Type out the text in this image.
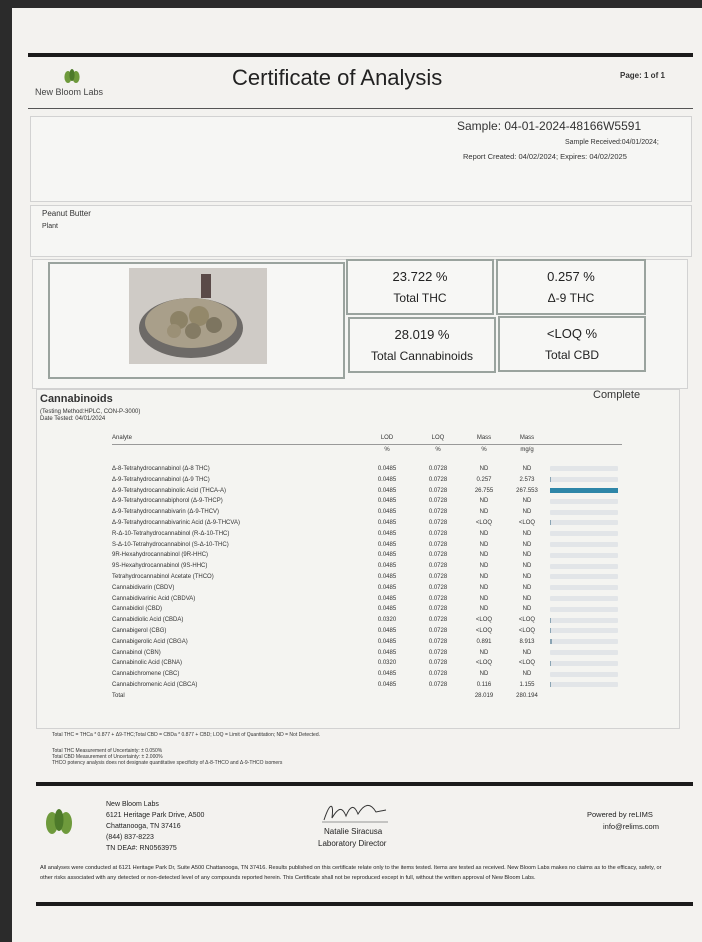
New Bloom Labs
Certificate of Analysis	Page: 1 of 1
Sample: 04-01-2024-48166W5591
Sample Received:04/01/2024;
Report Created: 04/02/2024; Expires: 04/02/2025
Peanut Butter
Plant
23.722 %
Total THC
0.257 %
Δ-9 THC
28.019 %
Total Cannabinoids
<LOQ %
Total CBD
Cannabinoids	Complete
(Testing Method:HPLC, CON-P-3000)
Date Tested: 04/01/2024
Analyte	LOD	LOQ	Mass	Mass	
	%	%	%	mg/g	

Δ-8-Tetrahydrocannabinol (Δ-8 THC)	0.0485	0.0728	ND	ND	

Δ-9-Tetrahydrocannabinol (Δ-9 THC)	0.0485	0.0728	0.257	2.573	

Δ-9-Tetrahydrocannabinolic Acid (THCA-A)	0.0485	0.0728	26.755	267.553	

Δ-9-Tetrahydrocannabiphorol (Δ-9-THCP)	0.0485	0.0728	ND	ND	

Δ-9-Tetrahydrocannabivarin (Δ-9-THCV)	0.0485	0.0728	ND	ND	

Δ-9-Tetrahydrocannabivarinic Acid (Δ-9-THCVA)	0.0485	0.0728	<LOQ	<LOQ	

R-Δ-10-Tetrahydrocannabinol (R-Δ-10-THC)	0.0485	0.0728	ND	ND	

S-Δ-10-Tetrahydrocannabinol (S-Δ-10-THC)	0.0485	0.0728	ND	ND	

9R-Hexahydrocannabinol (9R-HHC)	0.0485	0.0728	ND	ND	

9S-Hexahydrocannabinol (9S-HHC)	0.0485	0.0728	ND	ND	

Tetrahydrocannabinol Acetate (THCO)	0.0485	0.0728	ND	ND	

Cannabidivarin (CBDV)	0.0485	0.0728	ND	ND	

Cannabidivarinic Acid (CBDVA)	0.0485	0.0728	ND	ND	

Cannabidiol (CBD)	0.0485	0.0728	ND	ND	

Cannabidiolic Acid (CBDA)	0.0320	0.0728	<LOQ	<LOQ	

Cannabigerol (CBG)	0.0485	0.0728	<LOQ	<LOQ	

Cannabigerolic Acid (CBGA)	0.0485	0.0728	0.891	8.913	

Cannabinol (CBN)	0.0485	0.0728	ND	ND	

Cannabinolic Acid (CBNA)	0.0320	0.0728	<LOQ	<LOQ	

Cannabichromene (CBC)	0.0485	0.0728	ND	ND	

Cannabichromenic Acid (CBCA)	0.0485	0.0728	0.116	1.155	

Total			28.019	280.194	
Total THC = THCa * 0.877 + Δ9-THC;Total CBD = CBDa * 0.877 + CBD; LOQ = Limit of Quantitation; ND = Not Detected.
Total THC Measurement of Uncertainty: ± 0.050%
Total CBD Measurement of Uncertainty: ± 2.000%
THCO potency analysis does not designate quantitative specificity of Δ-8-THCO and Δ-9-THCO isomers
New Bloom Labs
6121 Heritage Park Drive, A500
Chattanooga, TN 37416
(844) 837-8223
TN DEA#: RN0563975
Natalie Siracusa
Laboratory Director
Powered by reLIMS
info@relims.com
All analyses were conducted at 6121 Heritage Park Dr, Suite A500 Chattanooga, TN 37416. Results published on this certificate relate only to the items tested. Items are tested as received. New Bloom Labs makes no claims as to the efficacy, safety, or other risks associated with any detected or non-detected level of any compounds reported herein. This Certificate shall not be reproduced except in full, without the written approval of New Bloom Labs.
